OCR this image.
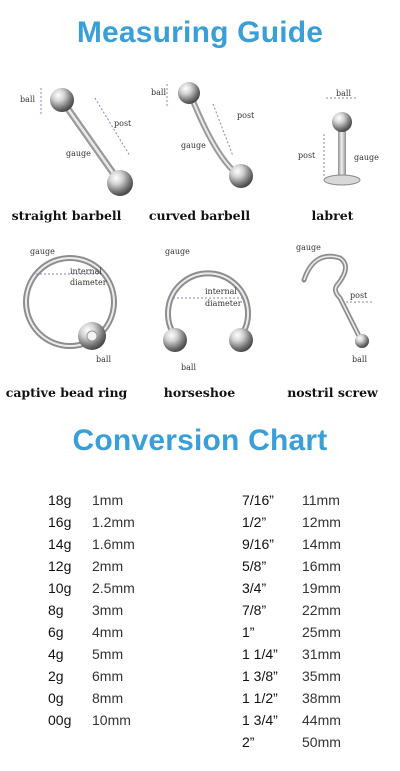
Measuring Guide
ball
post
gauge
straight barbell
ball
post
gauge
curved barbell
ball
post	gauge
labret
gauge
internal
diameter
ball
captive bead ring
gauge
internal
diameter
ball
horseshoe
gauge
post
ball
nostril screw
Conversion Chart
18g 1mm
16g 1.2mm
14g 1.6mm
12g 2mm
10g 2.5mm
8g 3mm
6g 4mm
4g 5mm
2g 6mm
0g 8mm
00g 10mm
7/16” 11mm
1/2”	12mm
9/16” 14mm
5/8”	16mm
3/4”	19mm
7/8”	22mm
1”	25mm
1 1/4” 31mm
1 3/8” 35mm
1 1/2” 38mm
1 3/4” 44mm
2”	50mm
